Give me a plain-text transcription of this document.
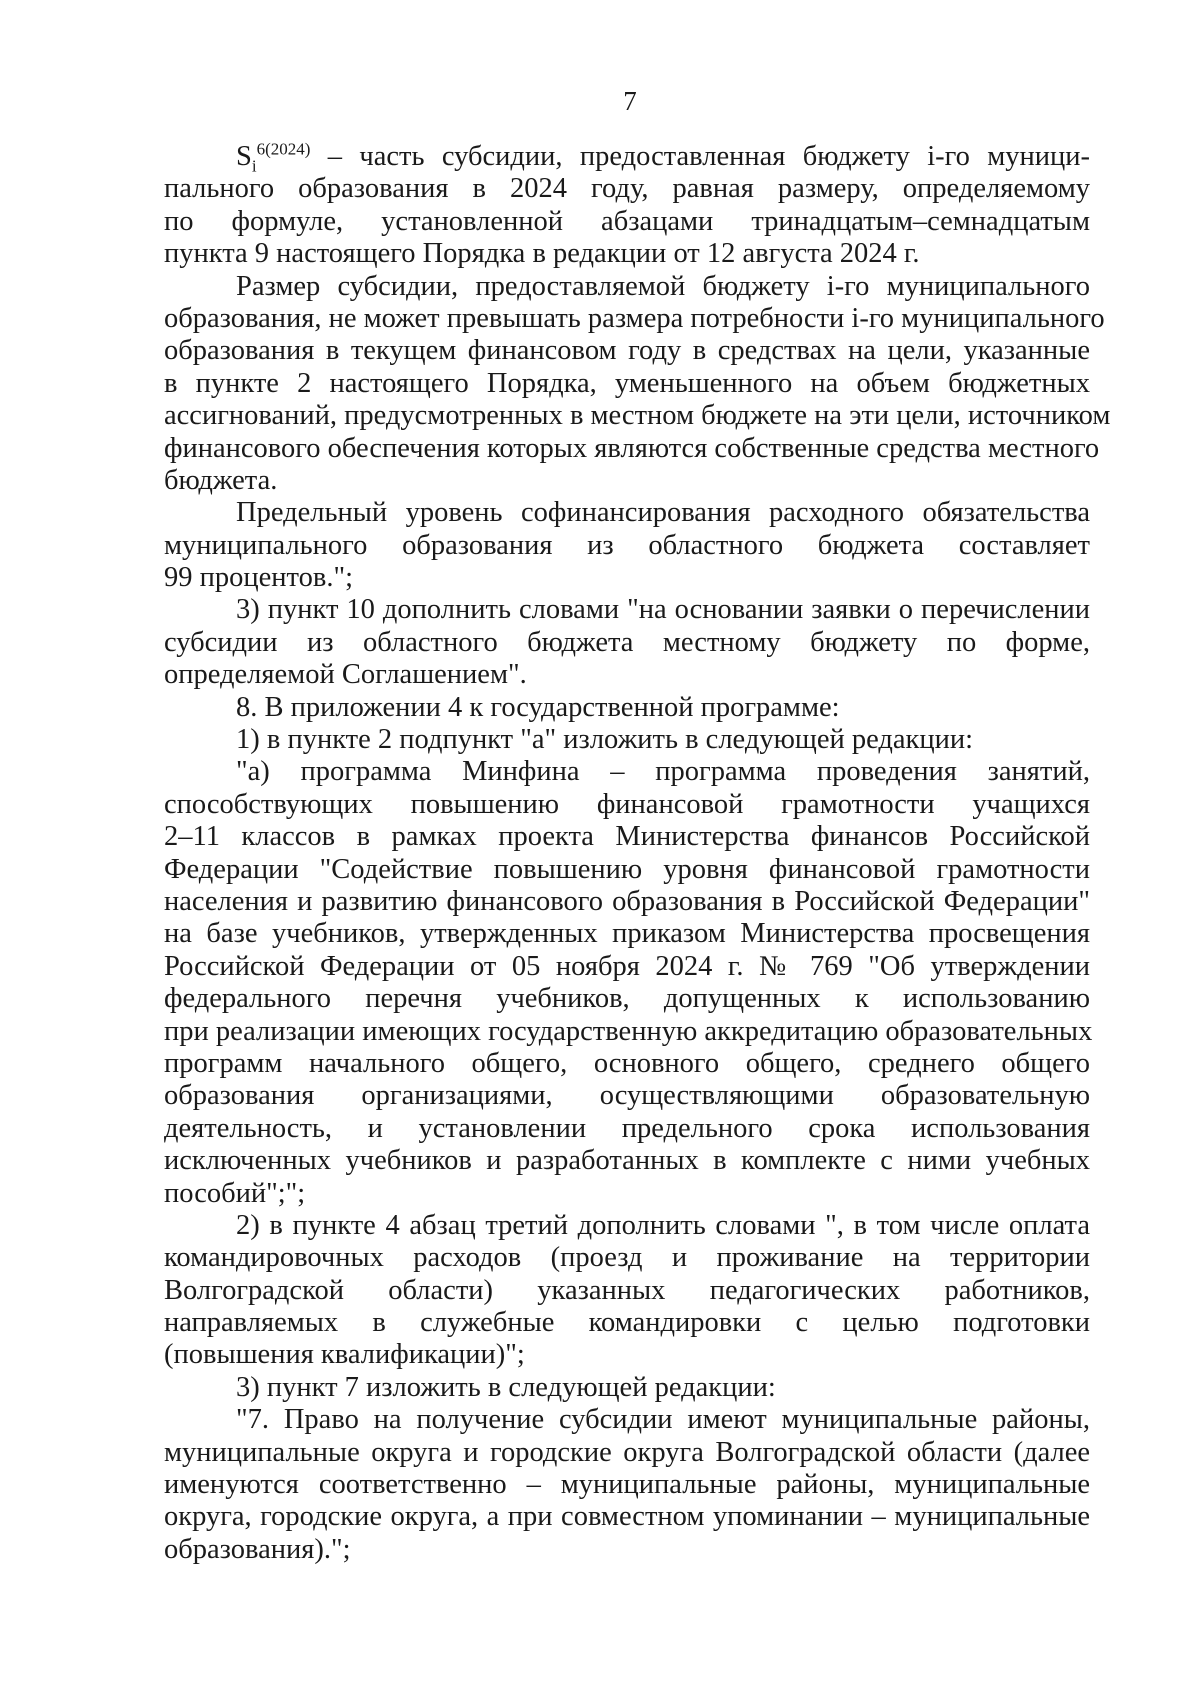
7
$S_i^{6(2024)}$ – часть субсидии, предоставленная бюджету i-го муници-
пального образования в 2024 году, равная размеру, определяемому
по формуле, установленной абзацами тринадцатым–семнадцатым
пункта 9 настоящего Порядка в редакции от 12 августа 2024 г.
Размер субсидии, предоставляемой бюджету i-го муниципального
образования, не может превышать размера потребности i-го муниципального
образования в текущем финансовом году в средствах на цели, указанные
в пункте 2 настоящего Порядка, уменьшенного на объем бюджетных
ассигнований, предусмотренных в местном бюджете на эти цели, источником
финансового обеспечения которых являются собственные средства местного
бюджета.
Предельный уровень софинансирования расходного обязательства
муниципального образования из областного бюджета составляет
99 процентов.";
3) пункт 10 дополнить словами "на основании заявки о перечислении
субсидии из областного бюджета местному бюджету по форме,
определяемой Соглашением".
8. В приложении 4 к государственной программе:
1) в пункте 2 подпункт "а" изложить в следующей редакции:
"а) программа Минфина – программа проведения занятий,
способствующих повышению финансовой грамотности учащихся
2–11 классов в рамках проекта Министерства финансов Российской
Федерации "Содействие повышению уровня финансовой грамотности
населения и развитию финансового образования в Российской Федерации"
на базе учебников, утвержденных приказом Министерства просвещения
Российской Федерации от 05 ноября 2024 г. № 769 "Об утверждении
федерального перечня учебников, допущенных к использованию
при реализации имеющих государственную аккредитацию образовательных
программ начального общего, основного общего, среднего общего
образования организациями, осуществляющими образовательную
деятельность, и установлении предельного срока использования
исключенных учебников и разработанных в комплекте с ними учебных
пособий";";
2) в пункте 4 абзац третий дополнить словами ", в том числе оплата
командировочных расходов (проезд и проживание на территории
Волгоградской области) указанных педагогических работников,
направляемых в служебные командировки с целью подготовки
(повышения квалификации)";
3) пункт 7 изложить в следующей редакции:
"7. Право на получение субсидии имеют муниципальные районы,
муниципальные округа и городские округа Волгоградской области (далее
именуются соответственно – муниципальные районы, муниципальные
округа, городские округа, а при совместном упоминании – муниципальные
образования).";
